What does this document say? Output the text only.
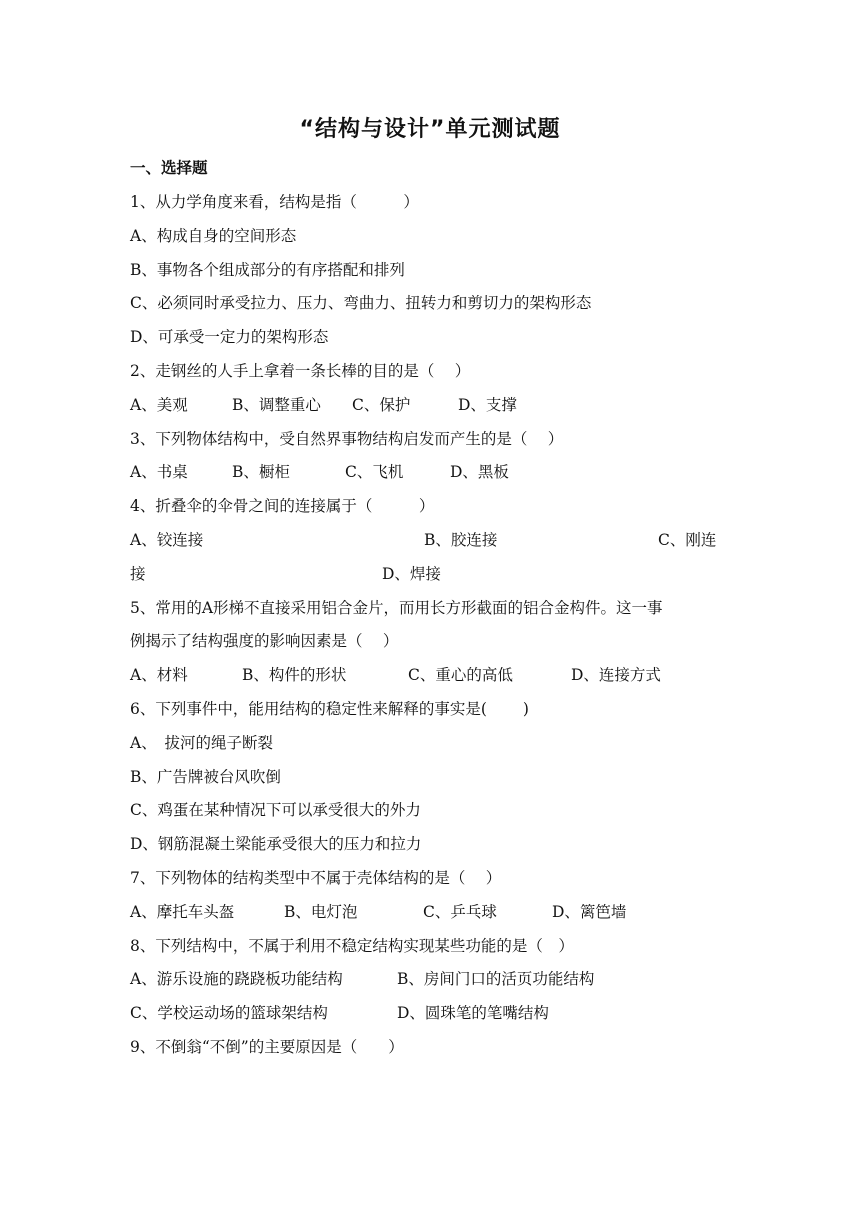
“结构与设计”单元测试题
一、选择题
1、从力学角度来看，结构是指（　　　）
A、构成自身的空间形态
B、事物各个组成部分的有序搭配和排列
C、必须同时承受拉力、压力、弯曲力、扭转力和剪切力的架构形态
D、可承受一定力的架构形态
2、走钢丝的人手上拿着一条长棒的目的是（　 ）
A、美观	B、调整重心 C、保护	D、支撑
3、下列物体结构中，受自然界事物结构启发而产生的是（　 ）
A、书桌	B、橱柜	C、飞机	D、黑板
4、折叠伞的伞骨之间的连接属于（　　　）
A、铰连接	B、胶连接	C、刚连
接	D、焊接
5、常用的A形梯不直接采用铝合金片，而用长方形截面的铝合金构件。这一事
例揭示了结构强度的影响因素是（　 ）
A、材料	B、构件的形状	C、重心的高低	D、连接方式
6、下列事件中，能用结构的稳定性来解释的事实是(　　 )
A、　拔河的绳子断裂
B、广告牌被台风吹倒
C、鸡蛋在某种情况下可以承受很大的外力
D、钢筋混凝土梁能承受很大的压力和拉力
7、下列物体的结构类型中不属于壳体结构的是（　 ）
A、摩托车头盔	B、电灯泡	C、乒乓球	D、篱笆墙
8、下列结构中，不属于利用不稳定结构实现某些功能的是（　）
A、游乐设施的跷跷板功能结构	B、房间门口的活页功能结构
C、学校运动场的篮球架结构	D、圆珠笔的笔嘴结构
9、不倒翁“不倒”的主要原因是（　　）
